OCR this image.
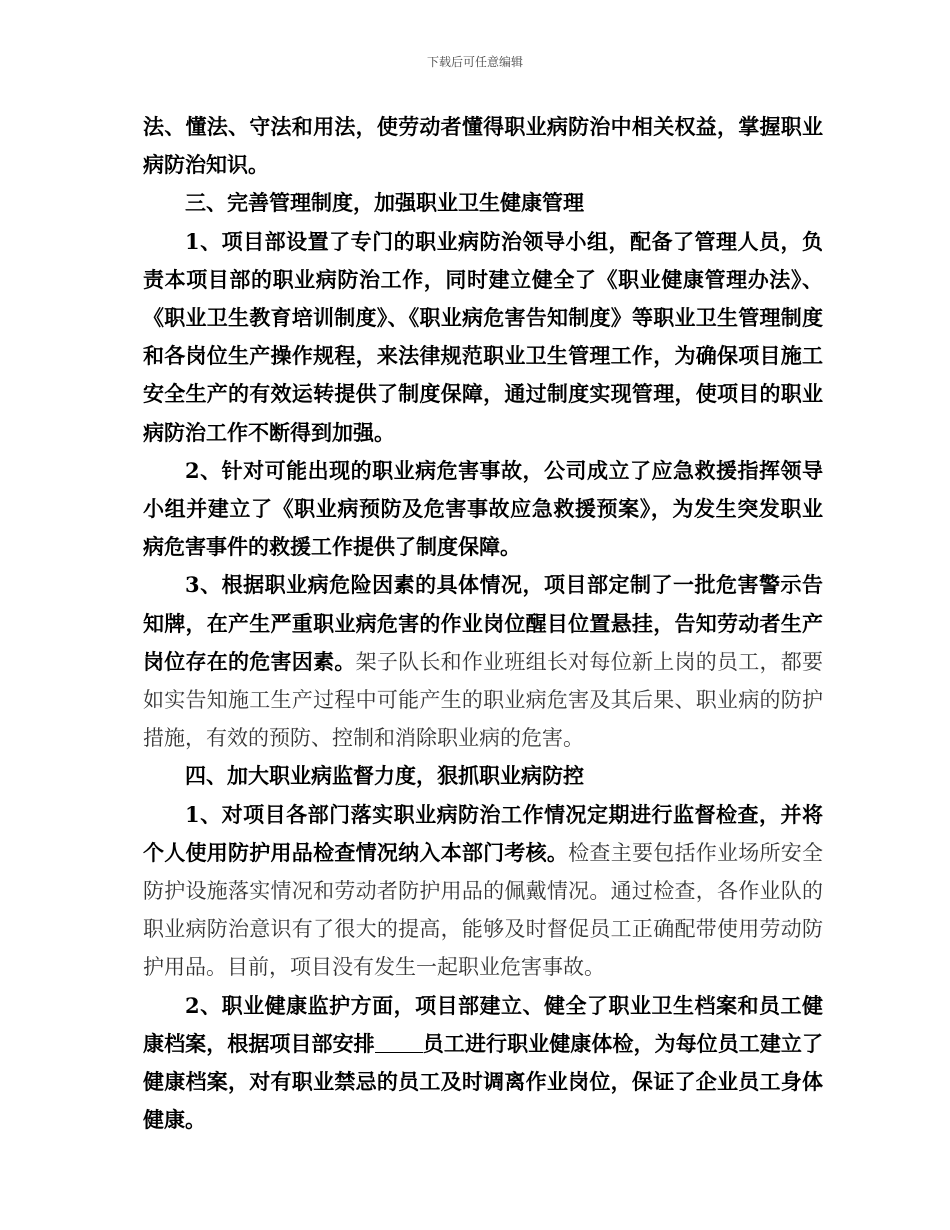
下载后可任意编辑

法、懂法、守法和用法，使劳动者懂得职业病防治中相关权益，掌握职业病防治知识。

三、完善管理制度，加强职业卫生健康管理

1、项目部设置了专门的职业病防治领导小组，配备了管理人员，负责本项目部的职业病防治工作，同时建立健全了《职业健康管理办法》、《职业卫生教育培训制度》、《职业病危害告知制度》等职业卫生管理制度和各岗位生产操作规程，来法律规范职业卫生管理工作，为确保项目施工安全生产的有效运转提供了制度保障，通过制度实现管理，使项目的职业病防治工作不断得到加强。

2、针对可能出现的职业病危害事故，公司成立了应急救援指挥领导小组并建立了《职业病预防及危害事故应急救援预案》，为发生突发职业病危害事件的救援工作提供了制度保障。

3、根据职业病危险因素的具体情况，项目部定制了一批危害警示告知牌，在产生严重职业病危害的作业岗位醒目位置悬挂，告知劳动者生产岗位存在的危害因素。架子队长和作业班组长对每位新上岗的员工，都要如实告知施工生产过程中可能产生的职业病危害及其后果、职业病的防护措施，有效的预防、控制和消除职业病的危害。

四、加大职业病监督力度，狠抓职业病防控

1、对项目各部门落实职业病防治工作情况定期进行监督检查，并将个人使用防护用品检查情况纳入本部门考核。检查主要包括作业场所安全防护设施落实情况和劳动者防护用品的佩戴情况。通过检查，各作业队的职业病防治意识有了很大的提高，能够及时督促员工正确配带使用劳动防护用品。目前，项目没有发生一起职业危害事故。

2、职业健康监护方面，项目部建立、健全了职业卫生档案和员工健康档案，根据项目部安排 员工进行职业健康体检，为每位员工建立了健康档案，对有职业禁忌的员工及时调离作业岗位，保证了企业员工身体健康。
